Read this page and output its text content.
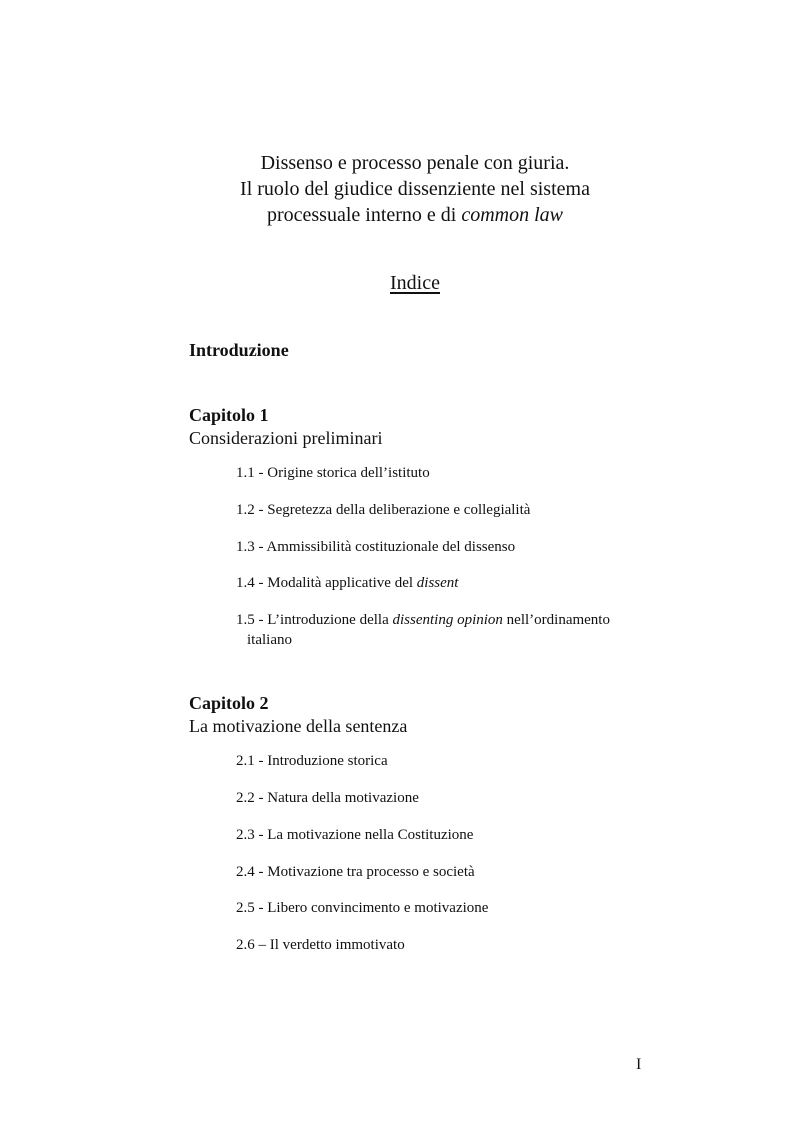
Dissenso e processo penale con giuria.
Il ruolo del giudice dissenziente nel sistema
processuale interno e di common law
Indice
Introduzione
Capitolo 1
Considerazioni preliminari
1.1 - Origine storica dell’istituto
1.2 - Segretezza della deliberazione e collegialità
1.3 - Ammissibilità costituzionale del dissenso
1.4 - Modalità applicative del dissent
1.5 - L’introduzione della dissenting opinion nell’ordinamento
italiano
Capitolo 2
La motivazione della sentenza
2.1 - Introduzione storica
2.2 - Natura della motivazione
2.3 - La motivazione nella Costituzione
2.4 - Motivazione tra processo e società
2.5 - Libero convincimento e motivazione
2.6 – Il verdetto immotivato
I
